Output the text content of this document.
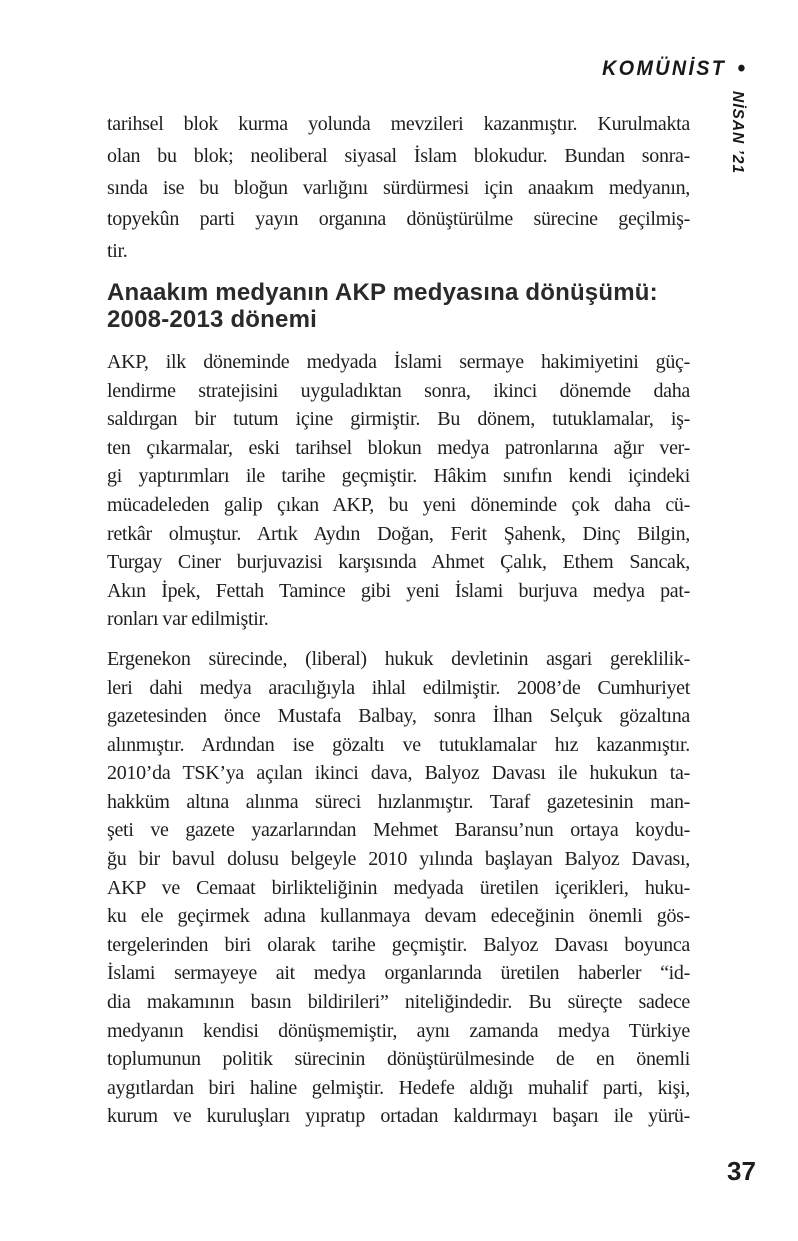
KOMÜNİST •
NİSAN ’21

tarihsel blok kurma yolunda mevzileri kazanmıştır. Kurulmakta
olan bu blok; neoliberal siyasal İslam blokudur. Bundan sonra-
sında ise bu bloğun varlığını sürdürmesi için anaakım medyanın,
topyekûn parti yayın organına dönüştürülme sürecine geçilmiş-
tir.

Anaakım medyanın AKP medyasına dönüşümü:
2008-2013 dönemi

AKP, ilk döneminde medyada İslami sermaye hakimiyetini güç-
lendirme stratejisini uyguladıktan sonra, ikinci dönemde daha
saldırgan bir tutum içine girmiştir. Bu dönem, tutuklamalar, iş-
ten çıkarmalar, eski tarihsel blokun medya patronlarına ağır ver-
gi yaptırımları ile tarihe geçmiştir. Hâkim sınıfın kendi içindeki
mücadeleden galip çıkan AKP, bu yeni döneminde çok daha cü-
retkâr olmuştur. Artık Aydın Doğan, Ferit Şahenk, Dinç Bilgin,
Turgay Ciner burjuvazisi karşısında Ahmet Çalık, Ethem Sancak,
Akın İpek, Fettah Tamince gibi yeni İslami burjuva medya pat-
ronları var edilmiştir.

Ergenekon sürecinde, (liberal) hukuk devletinin asgari gereklilik-
leri dahi medya aracılığıyla ihlal edilmiştir. 2008’de Cumhuriyet
gazetesinden önce Mustafa Balbay, sonra İlhan Selçuk gözaltına
alınmıştır. Ardından ise gözaltı ve tutuklamalar hız kazanmıştır.
2010’da TSK’ya açılan ikinci dava, Balyoz Davası ile hukukun ta-
hakküm altına alınma süreci hızlanmıştır. Taraf gazetesinin man-
şeti ve gazete yazarlarından Mehmet Baransu’nun ortaya koydu-
ğu bir bavul dolusu belgeyle 2010 yılında başlayan Balyoz Davası,
AKP ve Cemaat birlikteliğinin medyada üretilen içerikleri, huku-
ku ele geçirmek adına kullanmaya devam edeceğinin önemli gös-
tergelerinden biri olarak tarihe geçmiştir. Balyoz Davası boyunca
İslami sermayeye ait medya organlarında üretilen haberler “id-
dia makamının basın bildirileri” niteliğindedir. Bu süreçte sadece
medyanın kendisi dönüşmemiştir, aynı zamanda medya Türkiye
toplumunun politik sürecinin dönüştürülmesinde de en önemli
aygıtlardan biri haline gelmiştir. Hedefe aldığı muhalif parti, kişi,
kurum ve kuruluşları yıpratıp ortadan kaldırmayı başarı ile yürü-

37
